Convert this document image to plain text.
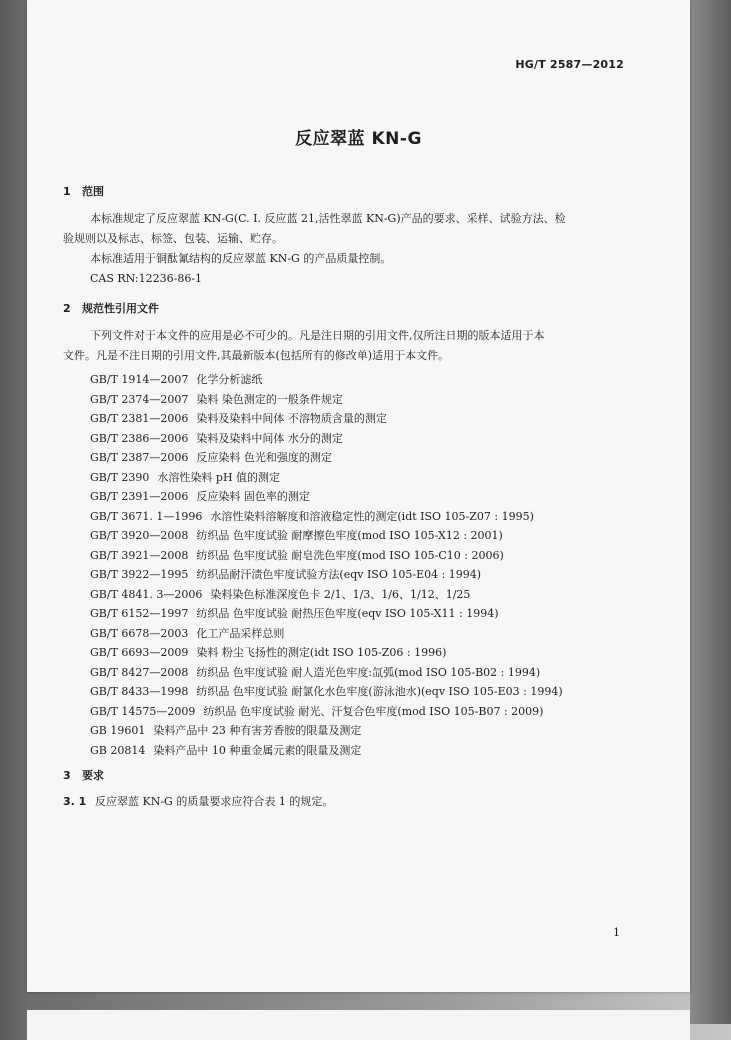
HG/T 2587—2012
反应翠蓝 KN-G
1 范围
本标准规定了反应翠蓝 KN-G(C. I. 反应蓝 21,活性翠蓝 KN-G)产品的要求、采样、试验方法、检
验规则以及标志、标签、包装、运输、贮存。
本标准适用于铜酞氰结构的反应翠蓝 KN-G 的产品质量控制。
CAS RN:12236-86-1
2 规范性引用文件
下列文件对于本文件的应用是必不可少的。凡是注日期的引用文件,仅所注日期的版本适用于本
文件。凡是不注日期的引用文件,其最新版本(包括所有的修改单)适用于本文件。
GB/T 1914—2007 化学分析滤纸
GB/T 2374—2007 染料 染色测定的一般条件规定
GB/T 2381—2006 染料及染料中间体 不溶物质含量的测定
GB/T 2386—2006 染料及染料中间体 水分的测定
GB/T 2387—2006 反应染料 色光和强度的测定
GB/T 2390 水溶性染料 pH 值的测定
GB/T 2391—2006 反应染料 固色率的测定
GB/T 3671. 1—1996 水溶性染料溶解度和溶液稳定性的测定(idt ISO 105-Z07 : 1995)
GB/T 3920—2008 纺织品 色牢度试验 耐摩擦色牢度(mod ISO 105-X12 : 2001)
GB/T 3921—2008 纺织品 色牢度试验 耐皂洗色牢度(mod ISO 105-C10 : 2006)
GB/T 3922—1995 纺织品耐汗渍色牢度试验方法(eqv ISO 105-E04 : 1994)
GB/T 4841. 3—2006 染料染色标准深度色卡 2/1、1/3、1/6、1/12、1/25
GB/T 6152—1997 纺织品 色牢度试验 耐热压色牢度(eqv ISO 105-X11 : 1994)
GB/T 6678—2003 化工产品采样总则
GB/T 6693—2009 染料 粉尘飞扬性的测定(idt ISO 105-Z06 : 1996)
GB/T 8427—2008 纺织品 色牢度试验 耐人造光色牢度:氙弧(mod ISO 105-B02 : 1994)
GB/T 8433—1998 纺织品 色牢度试验 耐氯化水色牢度(游泳池水)(eqv ISO 105-E03 : 1994)
GB/T 14575—2009 纺织品 色牢度试验 耐光、汗复合色牢度(mod ISO 105-B07 : 2009)
GB 19601 染料产品中 23 种有害芳香胺的限量及测定
GB 20814 染料产品中 10 种重金属元素的限量及测定
3 要求
3. 1 反应翠蓝 KN-G 的质量要求应符合表 1 的规定。
1
